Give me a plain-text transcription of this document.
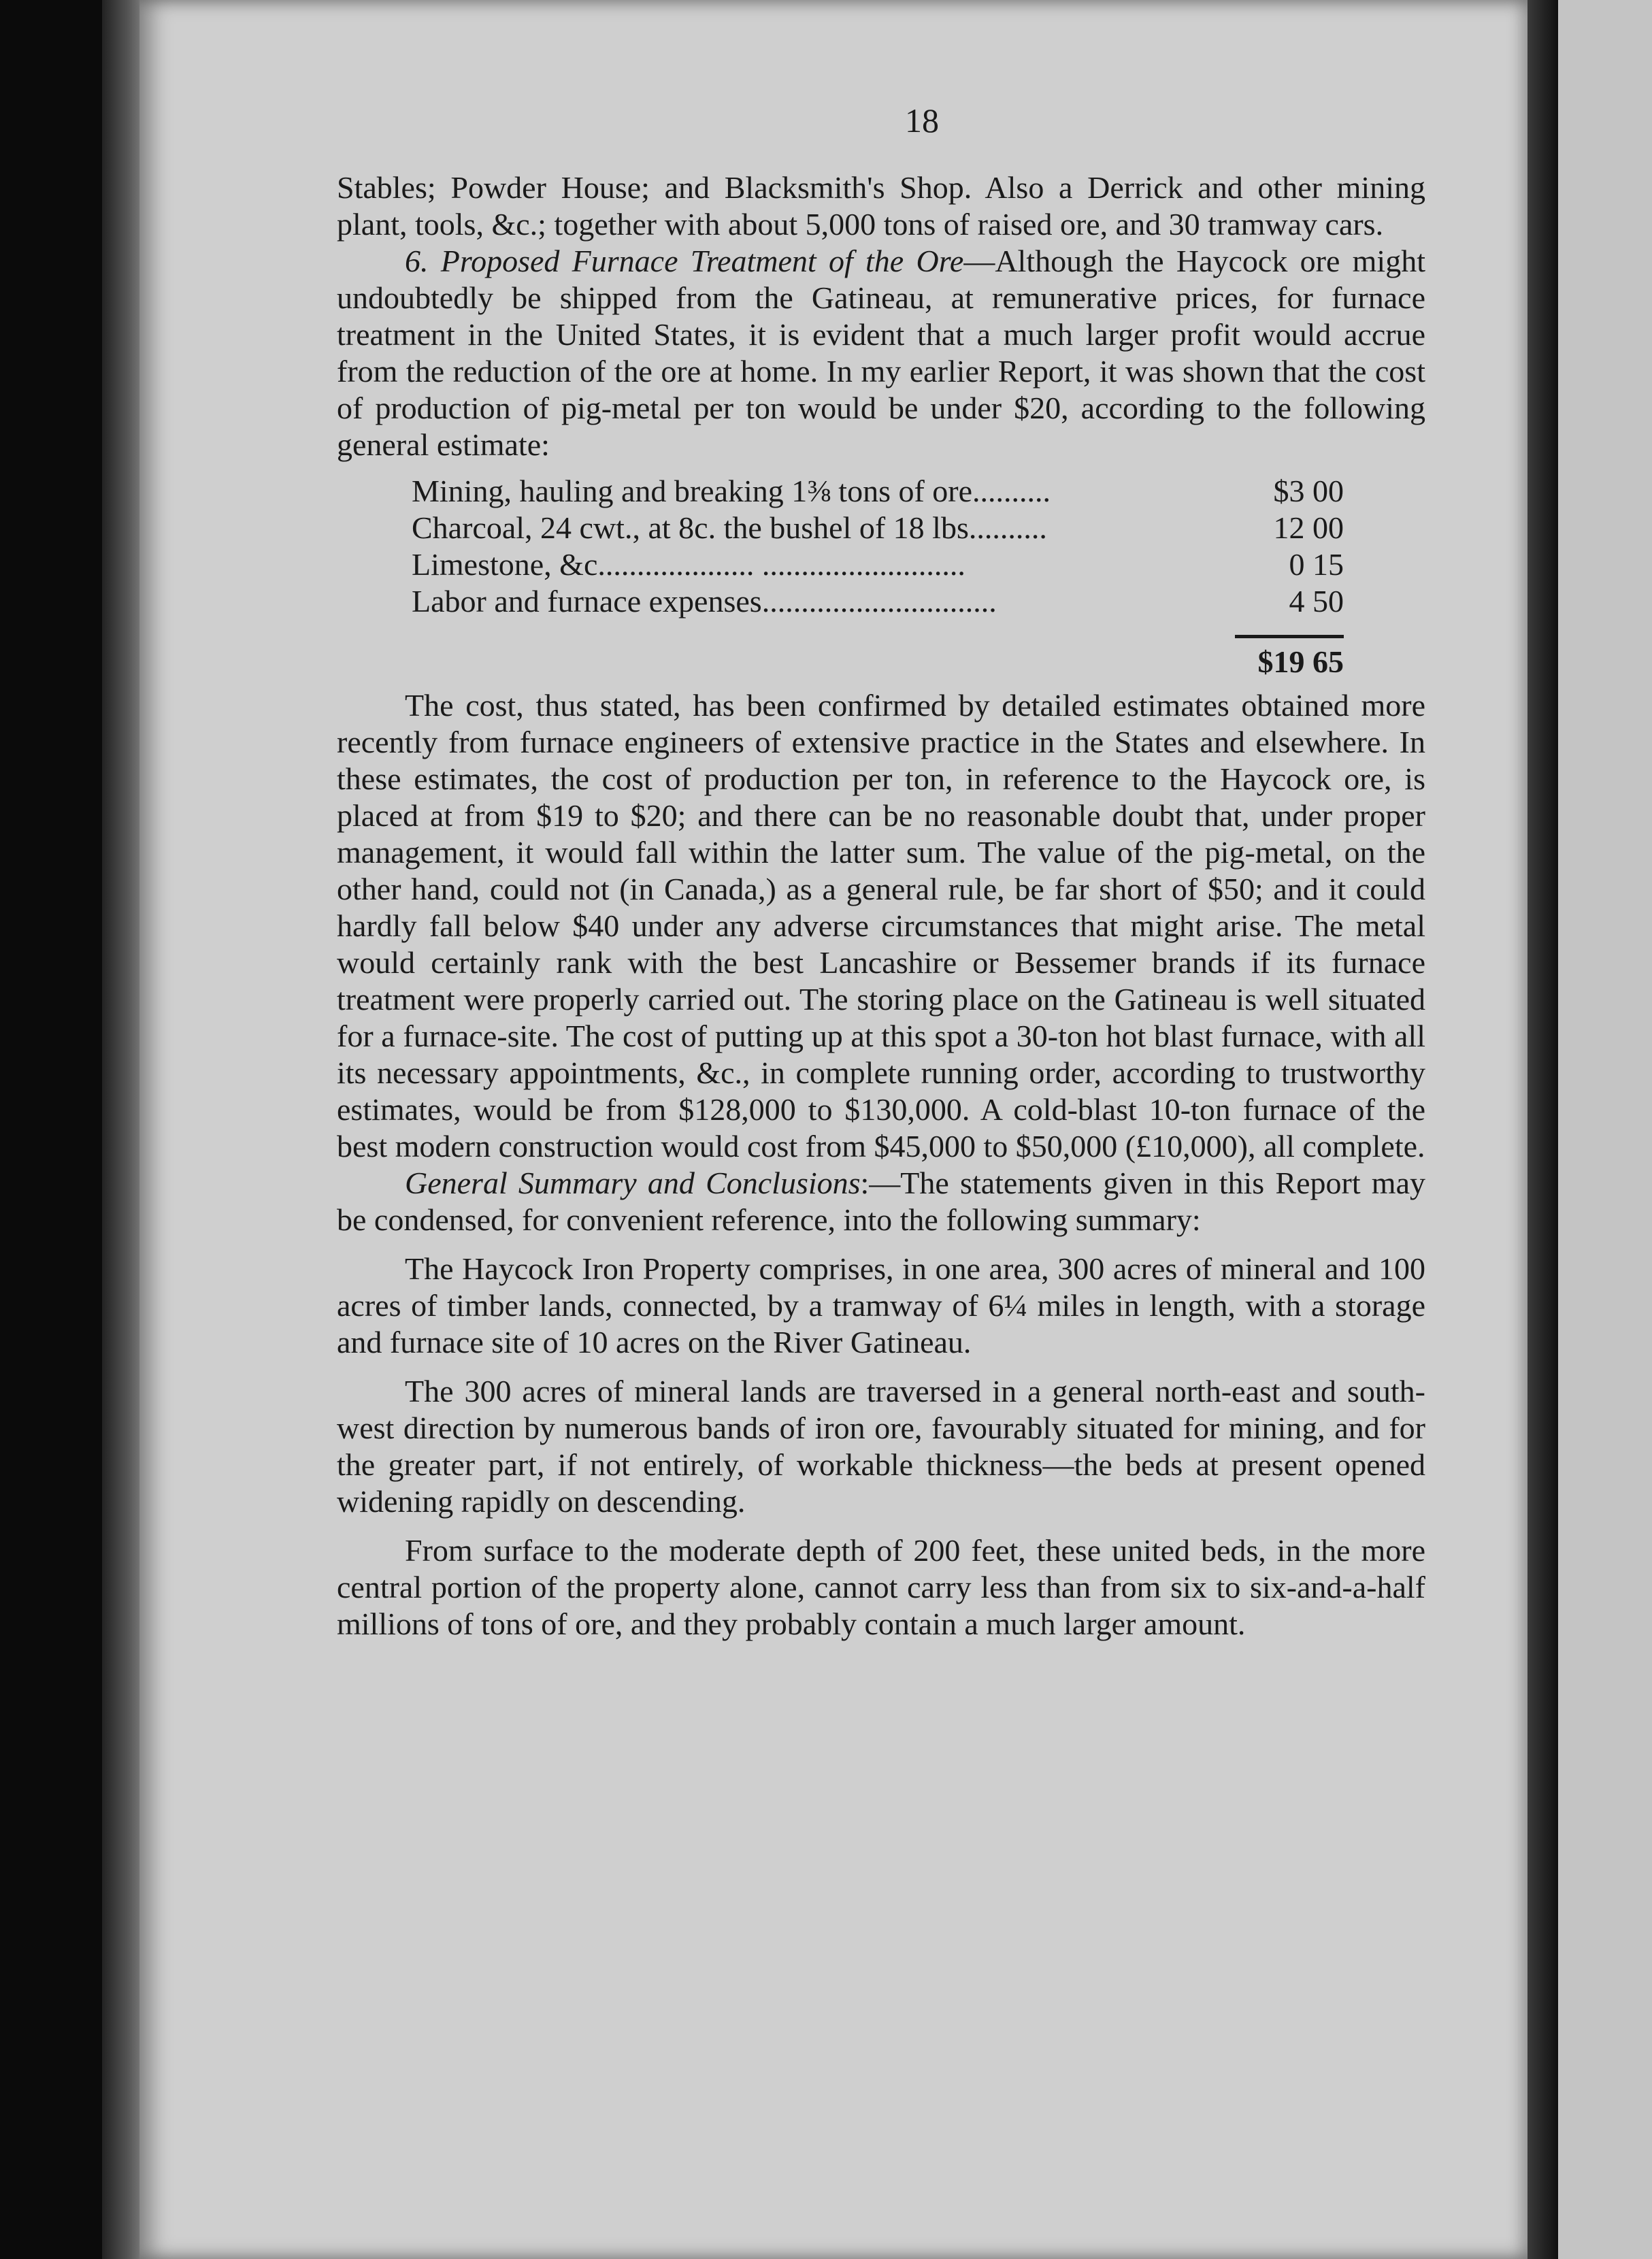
18

Stables; Powder House; and Blacksmith's Shop. Also a Derrick and other mining plant, tools, &c.; together with about 5,000 tons of raised ore, and 30 tramway cars.

6. Proposed Furnace Treatment of the Ore—Although the Haycock ore might undoubtedly be shipped from the Gatineau, at remunerative prices, for furnace treatment in the United States, it is evident that a much larger profit would accrue from the reduction of the ore at home. In my earlier Report, it was shown that the cost of production of pig-metal per ton would be under $20, according to the following general estimate:

Mining, hauling and breaking 1⅜ tons of ore..........	$3 00
Charcoal, 24 cwt., at 8c. the bushel of 18 lbs..........	12 00
Limestone, &c.................... ..........................	0 15
Labor and furnace expenses..............................	4 50
$19 65

The cost, thus stated, has been confirmed by detailed estimates obtained more recently from furnace engineers of extensive practice in the States and elsewhere. In these estimates, the cost of production per ton, in reference to the Haycock ore, is placed at from $19 to $20; and there can be no reasonable doubt that, under proper management, it would fall within the latter sum. The value of the pig-metal, on the other hand, could not (in Canada,) as a general rule, be far short of $50; and it could hardly fall below $40 under any adverse circumstances that might arise. The metal would certainly rank with the best Lancashire or Bessemer brands if its furnace treatment were properly carried out. The storing place on the Gatineau is well situated for a furnace-site. The cost of putting up at this spot a 30-ton hot blast furnace, with all its necessary appointments, &c., in complete running order, according to trustworthy estimates, would be from $128,000 to $130,000. A cold-blast 10-ton furnace of the best modern construction would cost from $45,000 to $50,000 (£10,000), all complete.

General Summary and Conclusions:—The statements given in this Report may be condensed, for convenient reference, into the following summary:

The Haycock Iron Property comprises, in one area, 300 acres of mineral and 100 acres of timber lands, connected, by a tramway of 6¼ miles in length, with a storage and furnace site of 10 acres on the River Gatineau.

The 300 acres of mineral lands are traversed in a general north-east and south-west direction by numerous bands of iron ore, favourably situated for mining, and for the greater part, if not entirely, of workable thickness—the beds at present opened widening rapidly on descending.

From surface to the moderate depth of 200 feet, these united beds, in the more central portion of the property alone, cannot carry less than from six to six-and-a-half millions of tons of ore, and they probably contain a much larger amount.
